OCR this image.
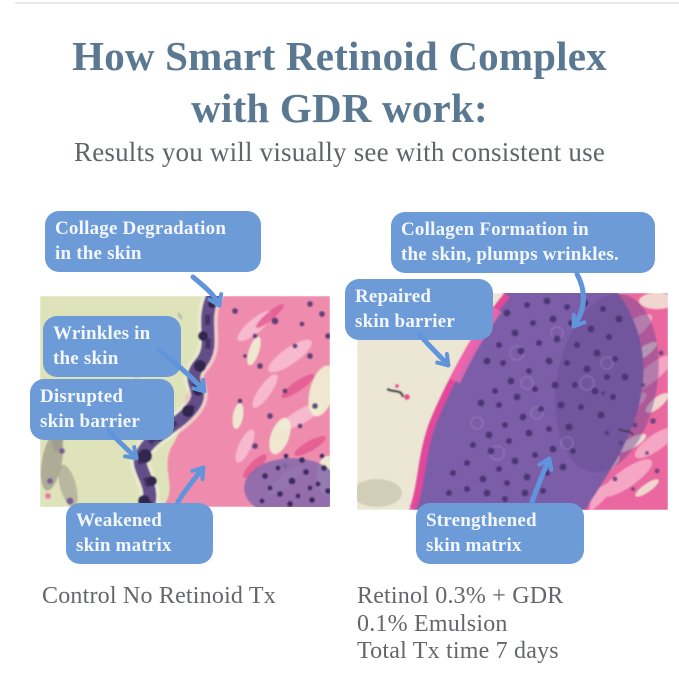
How Smart Retinoid Complex
with GDR work:
Results you will visually see with consistent use
Collage Degradation
in the skin
Wrinkles in
the skin
Disrupted
skin barrier
Weakened
skin matrix
Collagen Formation in
the skin, plumps wrinkles.
Repaired
skin barrier
Strengthened
skin matrix
Control No Retinoid Tx	Retinol 0.3% + GDR
0.1% Emulsion
Total Tx time 7 days
